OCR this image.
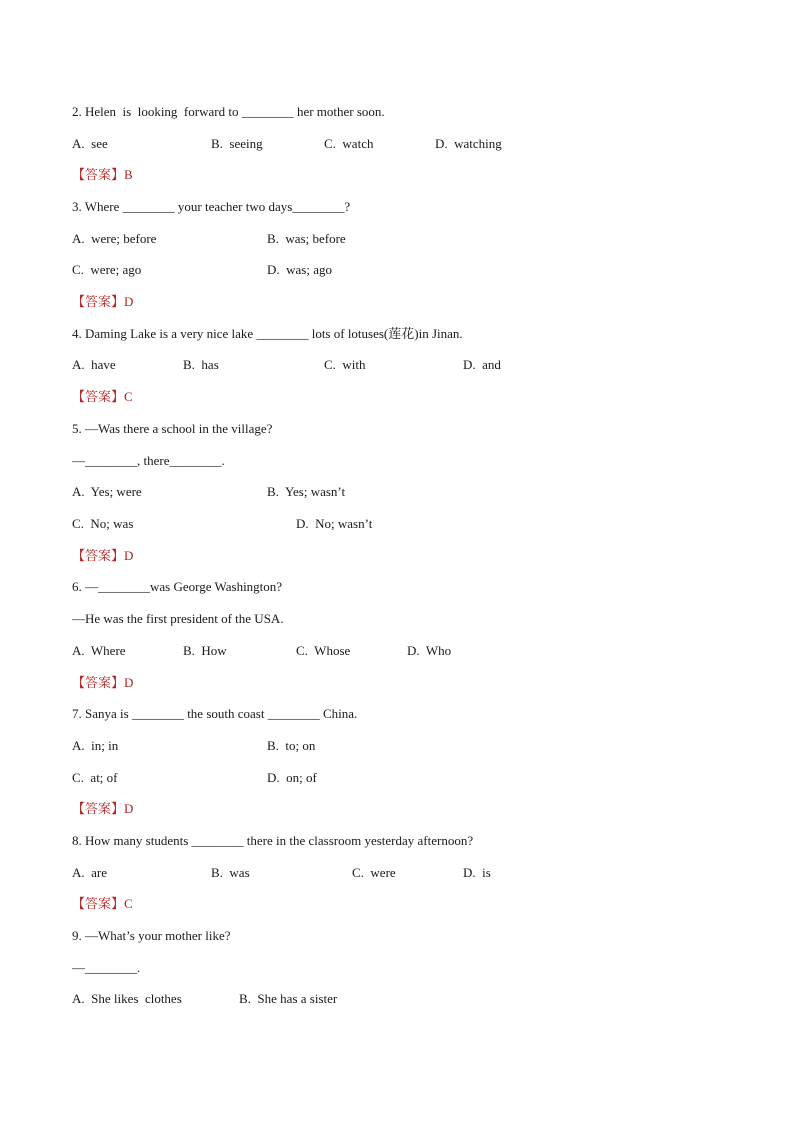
2. Helen  is  looking  forward to ________ her mother soon.
A.  see	B.  seeing	C.  watch	D.  watching
【答案】B
3. Where ________ your teacher two days________?
A.  were; before	B.  was; before
C.  were; ago	D.  was; ago
【答案】D
4. Daming Lake is a very nice lake ________ lots of lotuses(莲花)in Jinan.
A.  have	B.  has	C.  with	D.  and
【答案】C
5. —Was there a school in the village?
—________, there________.
A.  Yes; were	B.  Yes; wasn’t
C.  No; was	D.  No; wasn’t
【答案】D
6. —________was George Washington?
—He was the first president of the USA.
A.  Where	B.  How	C.  Whose	D.  Who
【答案】D
7. Sanya is ________ the south coast ________ China.
A.  in; in	B.  to; on
C.  at; of	D.  on; of
【答案】D
8. How many students ________ there in the classroom yesterday afternoon?
A.  are	B.  was	C.  were	D.  is
【答案】C
9. —What’s your mother like?
—________.
A.  She likes  clothes	B.  She has a sister
